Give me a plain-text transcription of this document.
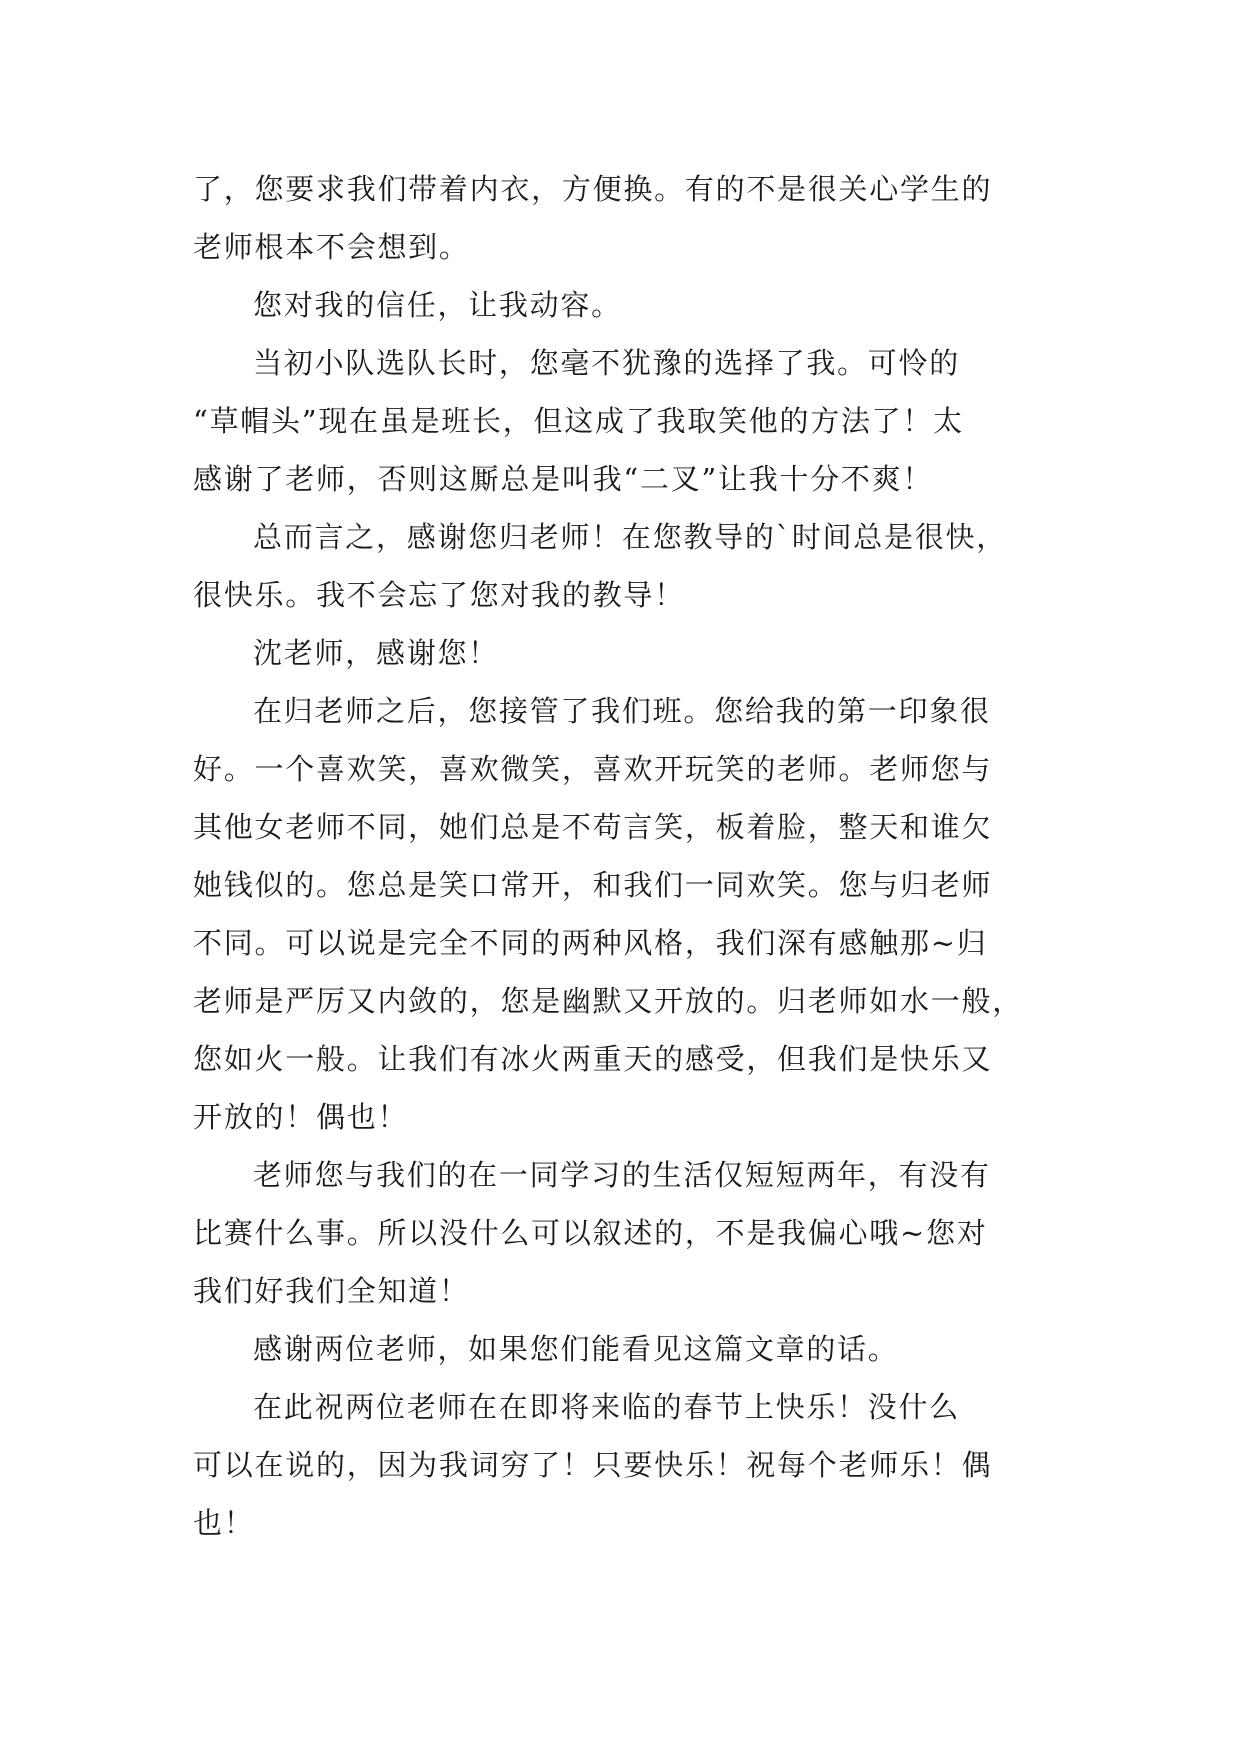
了，您要求我们带着内衣，方便换。有的不是很关心学生的
老师根本不会想到。
您对我的信任，让我动容。
当初小队选队长时，您毫不犹豫的选择了我。可怜的
“草帽头”现在虽是班长，但这成了我取笑他的方法了！太
感谢了老师，否则这厮总是叫我“二叉”让我十分不爽！
总而言之，感谢您归老师！在您教导的`时间总是很快，
很快乐。我不会忘了您对我的教导！
沈老师，感谢您！
在归老师之后，您接管了我们班。您给我的第一印象很
好。一个喜欢笑，喜欢微笑，喜欢开玩笑的老师。老师您与
其他女老师不同，她们总是不苟言笑，板着脸，整天和谁欠
她钱似的。您总是笑口常开，和我们一同欢笑。您与归老师
不同。可以说是完全不同的两种风格，我们深有感触那~归
老师是严厉又内敛的，您是幽默又开放的。归老师如水一般，
您如火一般。让我们有冰火两重天的感受，但我们是快乐又
开放的！偶也！
老师您与我们的在一同学习的生活仅短短两年，有没有
比赛什么事。所以没什么可以叙述的，不是我偏心哦~您对
我们好我们全知道！
感谢两位老师，如果您们能看见这篇文章的话。
在此祝两位老师在在即将来临的春节上快乐！没什么
可以在说的，因为我词穷了！只要快乐！祝每个老师乐！偶
也！
